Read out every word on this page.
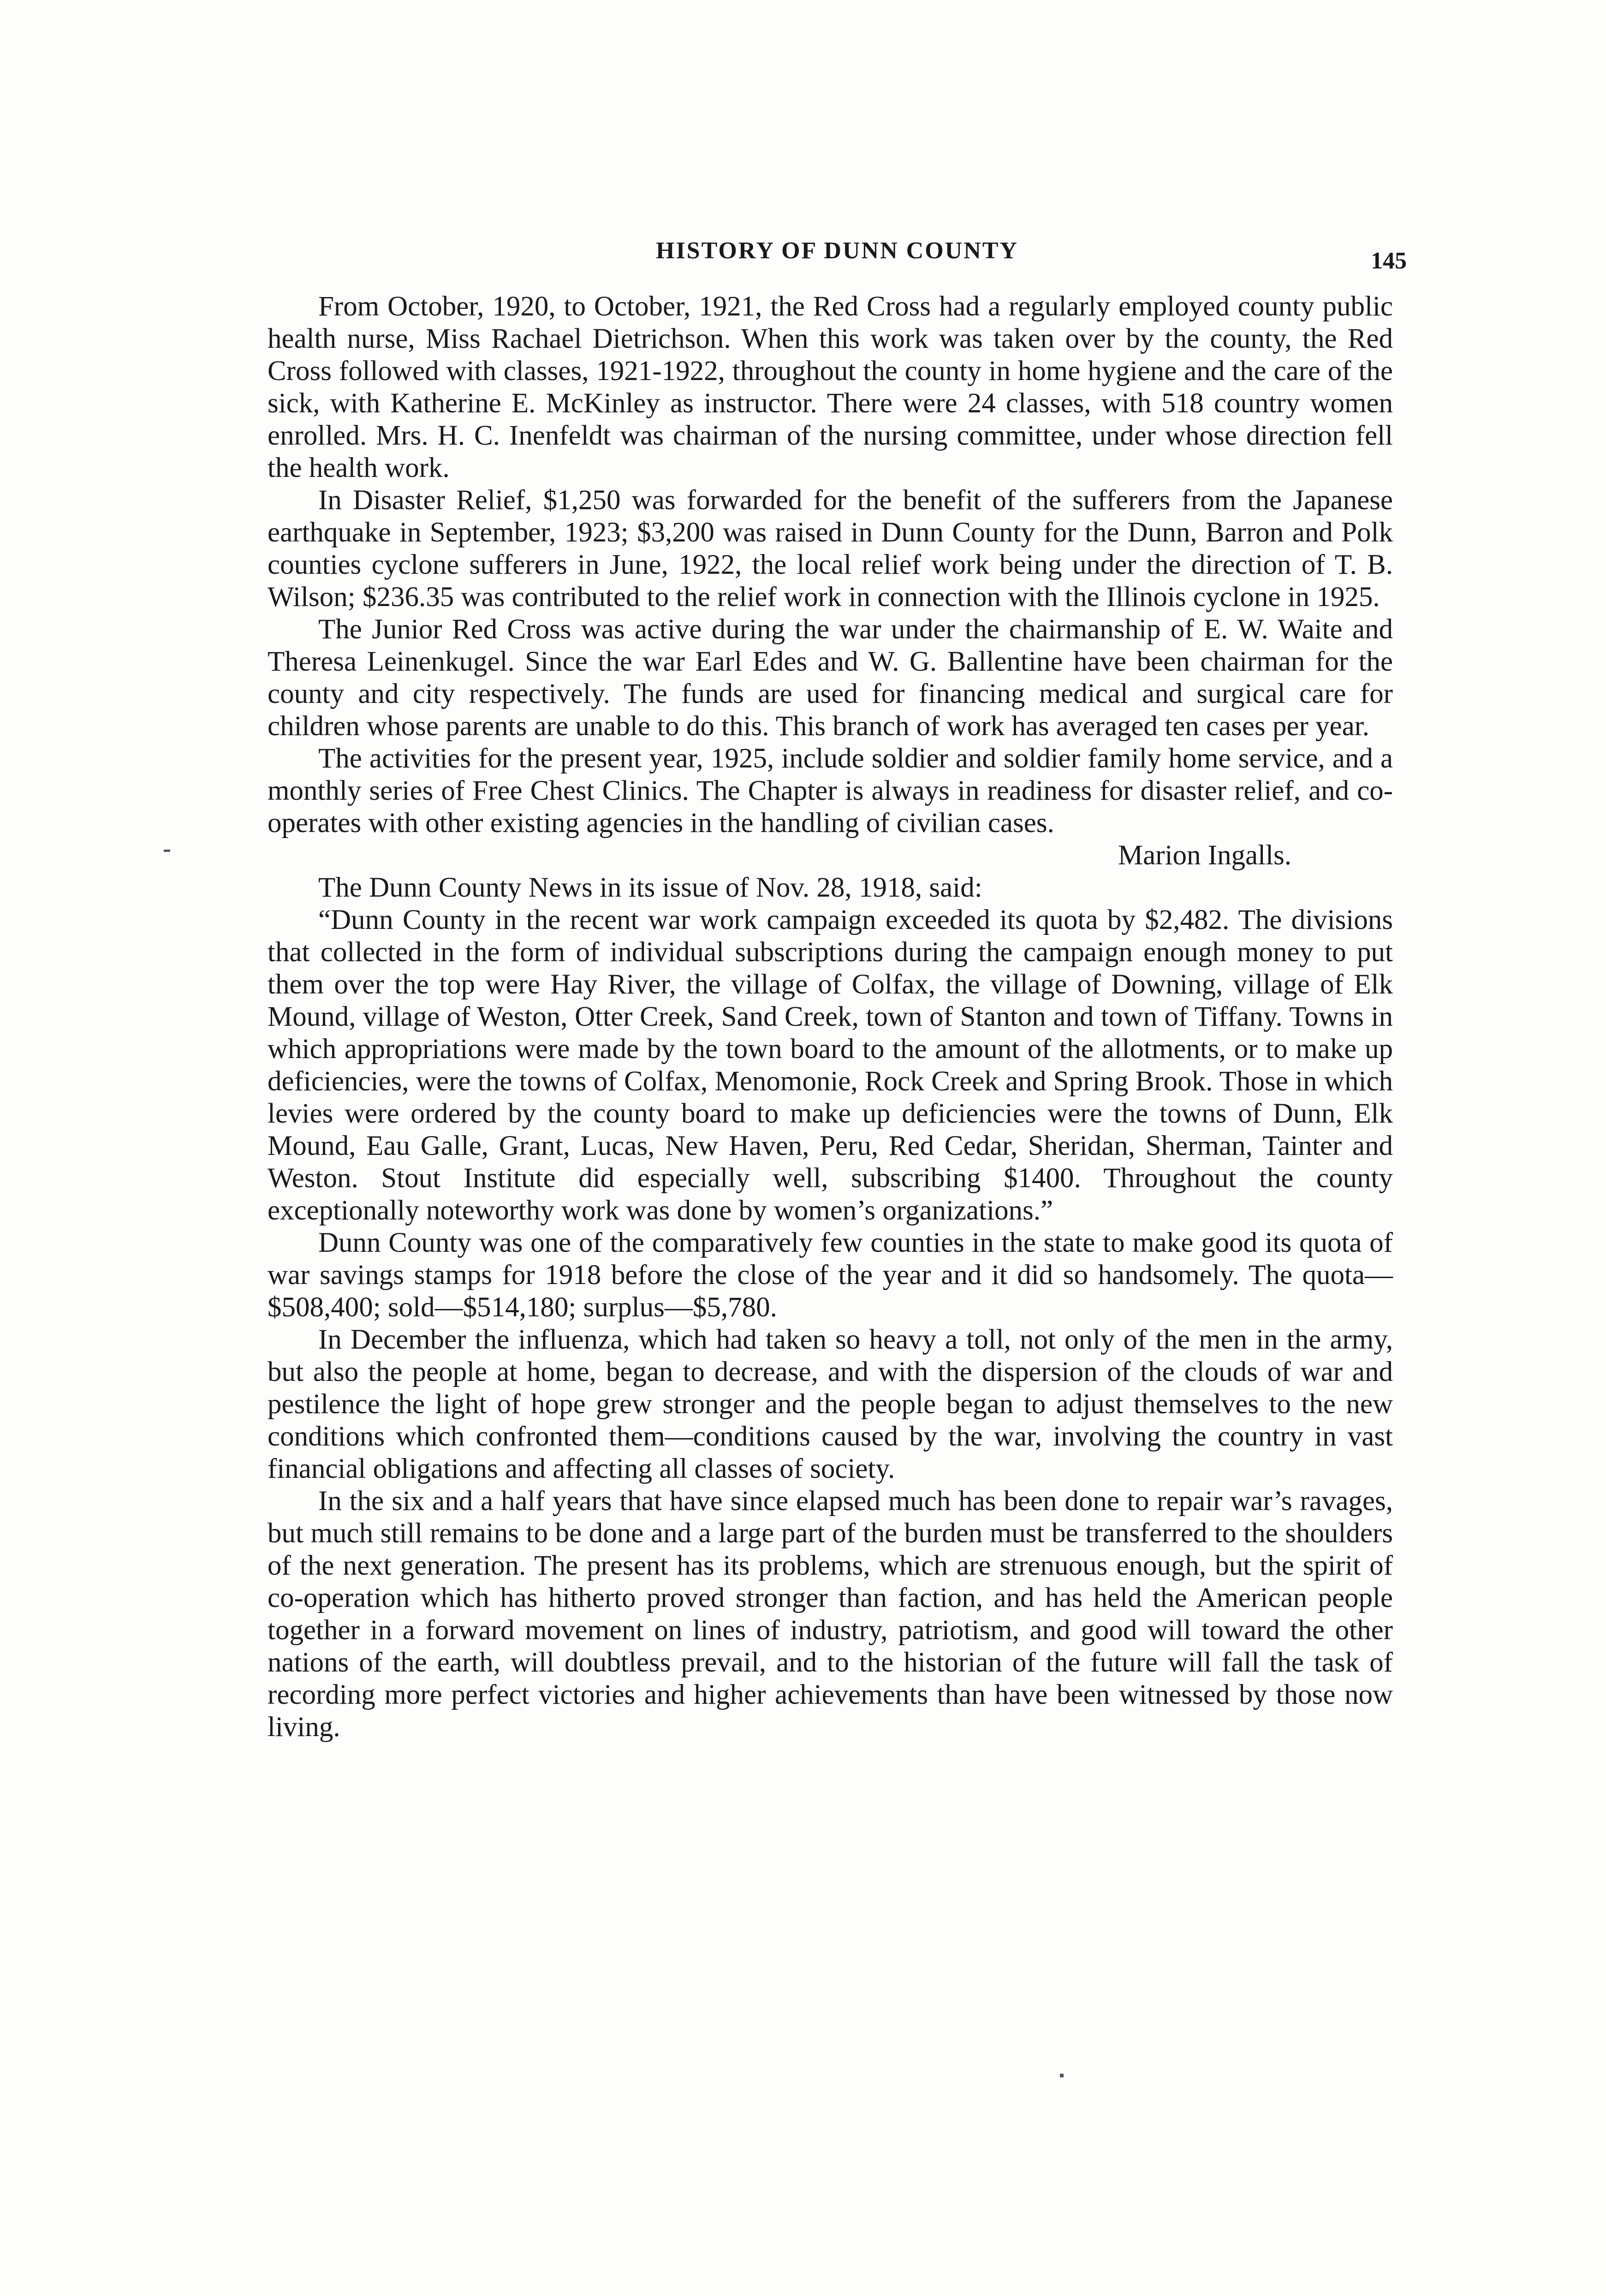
HISTORY OF DUNN COUNTY	145

From October, 1920, to October, 1921, the Red Cross had a regularly employed county public health nurse, Miss Rachael Dietrichson. When this work was taken over by the county, the Red Cross followed with classes, 1921-1922, throughout the county in home hygiene and the care of the sick, with Katherine E. McKinley as instructor. There were 24 classes, with 518 country women enrolled. Mrs. H. C. Inenfeldt was chairman of the nursing committee, under whose direction fell the health work.

In Disaster Relief, $1,250 was forwarded for the benefit of the sufferers from the Japanese earthquake in September, 1923; $3,200 was raised in Dunn County for the Dunn, Barron and Polk counties cyclone sufferers in June, 1922, the local relief work being under the direction of T. B. Wilson; $236.35 was contributed to the relief work in connection with the Illinois cyclone in 1925.

The Junior Red Cross was active during the war under the chairmanship of E. W. Waite and Theresa Leinenkugel. Since the war Earl Edes and W. G. Ballentine have been chairman for the county and city respectively. The funds are used for financing medical and surgical care for children whose parents are unable to do this. This branch of work has averaged ten cases per year.

The activities for the present year, 1925, include soldier and soldier family home service, and a monthly series of Free Chest Clinics. The Chapter is always in readiness for disaster relief, and co-operates with other existing agencies in the handling of civilian cases.

Marion Ingalls.

The Dunn County News in its issue of Nov. 28, 1918, said:

“Dunn County in the recent war work campaign exceeded its quota by $2,482. The divisions that collected in the form of individual subscriptions during the campaign enough money to put them over the top were Hay River, the village of Colfax, the village of Downing, village of Elk Mound, village of Weston, Otter Creek, Sand Creek, town of Stanton and town of Tiffany. Towns in which appropriations were made by the town board to the amount of the allotments, or to make up deficiencies, were the towns of Colfax, Menomonie, Rock Creek and Spring Brook. Those in which levies were ordered by the county board to make up deficiencies were the towns of Dunn, Elk Mound, Eau Galle, Grant, Lucas, New Haven, Peru, Red Cedar, Sheridan, Sherman, Tainter and Weston. Stout Institute did especially well, subscribing $1400. Throughout the county exceptionally noteworthy work was done by women’s organizations.”

Dunn County was one of the comparatively few counties in the state to make good its quota of war savings stamps for 1918 before the close of the year and it did so handsomely. The quota—$508,400; sold—$514,180; surplus—$5,780.

In December the influenza, which had taken so heavy a toll, not only of the men in the army, but also the people at home, began to decrease, and with the dispersion of the clouds of war and pestilence the light of hope grew stronger and the people began to adjust themselves to the new conditions which confronted them—conditions caused by the war, involving the country in vast financial obligations and affecting all classes of society.

In the six and a half years that have since elapsed much has been done to repair war’s ravages, but much still remains to be done and a large part of the burden must be transferred to the shoulders of the next generation. The present has its problems, which are strenuous enough, but the spirit of co-operation which has hitherto proved stronger than faction, and has held the American people together in a forward movement on lines of industry, patriotism, and good will toward the other nations of the earth, will doubtless prevail, and to the historian of the future will fall the task of recording more perfect victories and higher achievements than have been witnessed by those now living.
